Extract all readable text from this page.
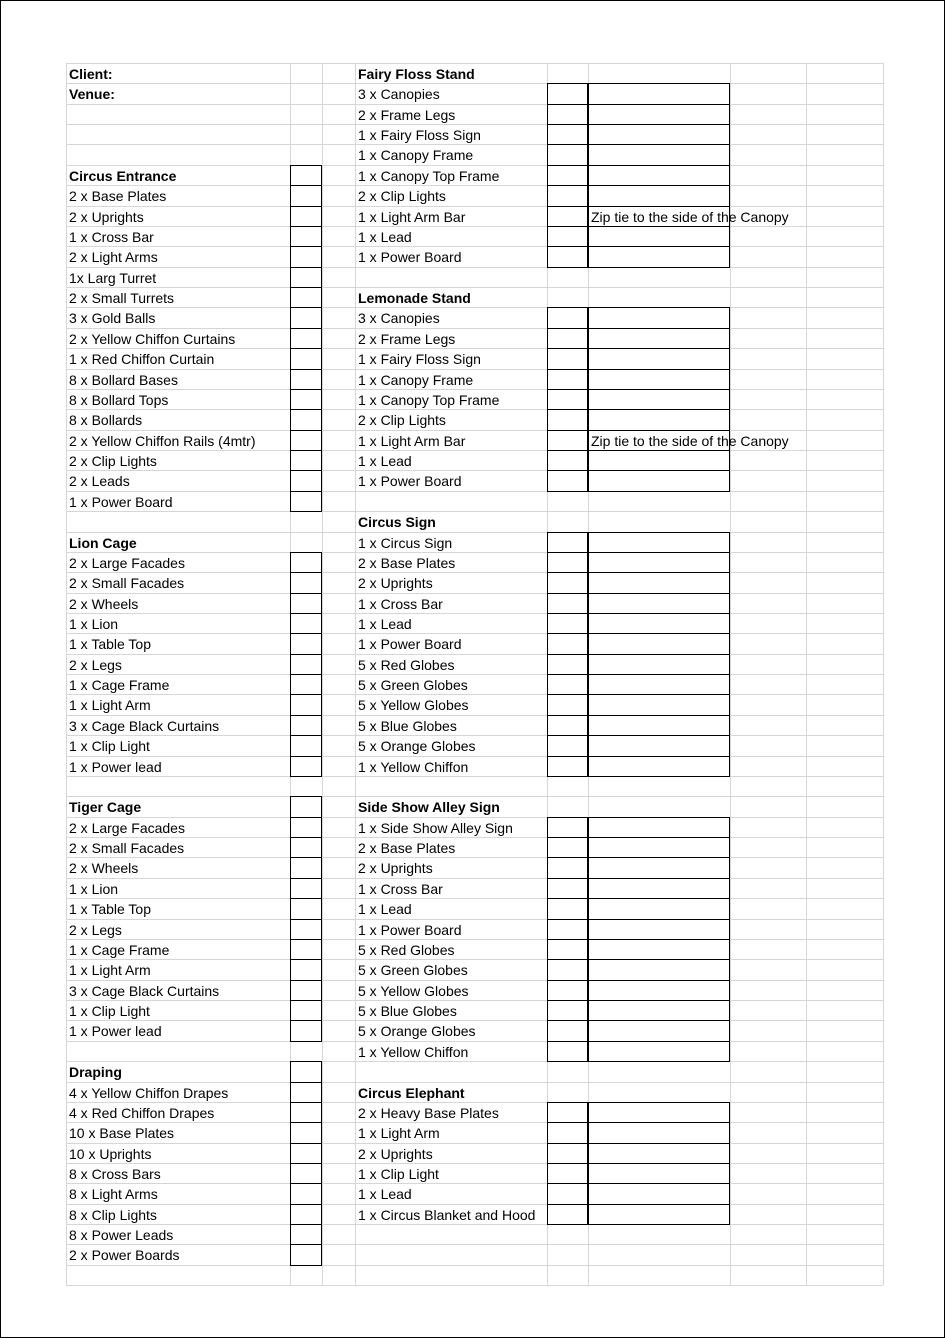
Client:
Venue:
Circus Entrance
2 x Base Plates
2 x Uprights
1 x Cross Bar
2 x Light Arms
1x Larg Turret
2 x Small Turrets
3 x Gold Balls
2 x Yellow Chiffon Curtains
1 x Red Chiffon Curtain
8 x Bollard Bases
8 x Bollard Tops
8 x Bollards
2 x Yellow Chiffon Rails (4mtr)
2 x Clip Lights
2 x Leads
1 x Power Board
Lion Cage
2 x Large Facades
2 x Small Facades
2 x Wheels
1 x Lion
1 x Table Top
2 x Legs
1 x Cage Frame
1 x Light Arm
3 x Cage Black Curtains
1 x Clip Light
1 x Power lead
Tiger Cage
2 x Large Facades
2 x Small Facades
2 x Wheels
1 x Lion
1 x Table Top
2 x Legs
1 x Cage Frame
1 x Light Arm
3 x Cage Black Curtains
1 x Clip Light
1 x Power lead
Draping
4 x Yellow Chiffon Drapes
4 x Red Chiffon Drapes
10 x Base Plates
10 x Uprights
8 x Cross Bars
8 x Light Arms
8 x Clip Lights
8 x Power Leads
2 x Power Boards
Fairy Floss Stand
3 x Canopies
2 x Frame Legs
1 x Fairy Floss Sign
1 x Canopy Frame
1 x Canopy Top Frame
2 x Clip Lights
1 x Light Arm Bar	Zip tie to the side of the Canopy
1 x Lead
1 x Power Board
Lemonade Stand
3 x Canopies
2 x Frame Legs
1 x Fairy Floss Sign
1 x Canopy Frame
1 x Canopy Top Frame
2 x Clip Lights
1 x Light Arm Bar	Zip tie to the side of the Canopy
1 x Lead
1 x Power Board
Circus Sign
1 x Circus Sign
2 x Base Plates
2 x Uprights
1 x Cross Bar
1 x Lead
1 x Power Board
5 x Red Globes
5 x Green Globes
5 x Yellow Globes
5 x Blue Globes
5 x Orange Globes
1 x Yellow Chiffon
Side Show Alley Sign
1 x Side Show Alley Sign
2 x Base Plates
2 x Uprights
1 x Cross Bar
1 x Lead
1 x Power Board
5 x Red Globes
5 x Green Globes
5 x Yellow Globes
5 x Blue Globes
5 x Orange Globes
1 x Yellow Chiffon
Circus Elephant
2 x Heavy Base Plates
1 x Light Arm
2 x Uprights
1 x Clip Light
1 x Lead
1 x Circus Blanket and Hood
